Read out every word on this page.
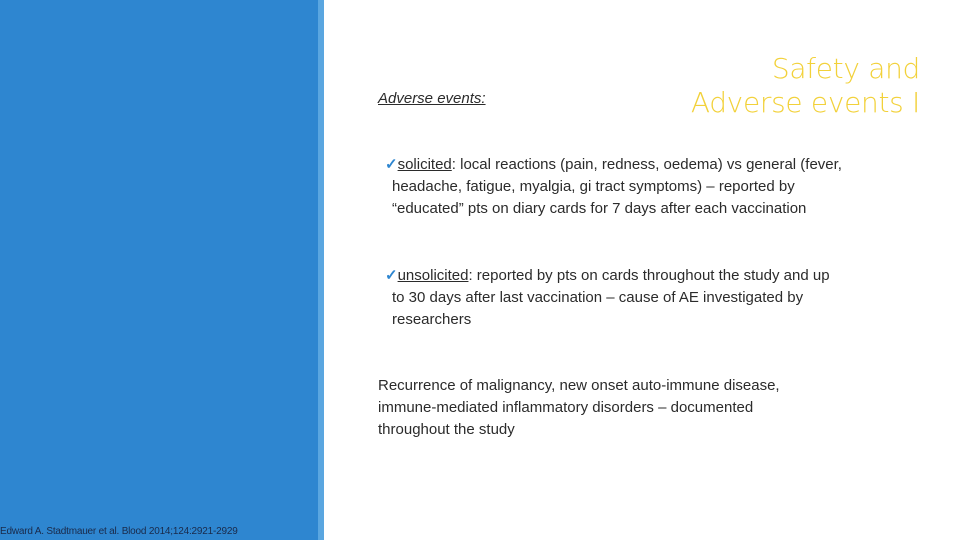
Safety and
Adverse events I
Edward A. Stadtmauer et al. Blood 2014;124:2921-2929

Adverse events:

✓solicited: local reactions (pain, redness, oedema) vs general (fever,
headache, fatigue, myalgia, gi tract symptoms) – reported by
“educated” pts on diary cards for 7 days after each vaccination
✓unsolicited: reported by pts on cards throughout the study and up
to 30 days after last vaccination – cause of AE investigated by
researchers

Recurrence of malignancy, new onset auto-immune disease,
immune-mediated inflammatory disorders – documented
throughout the study
